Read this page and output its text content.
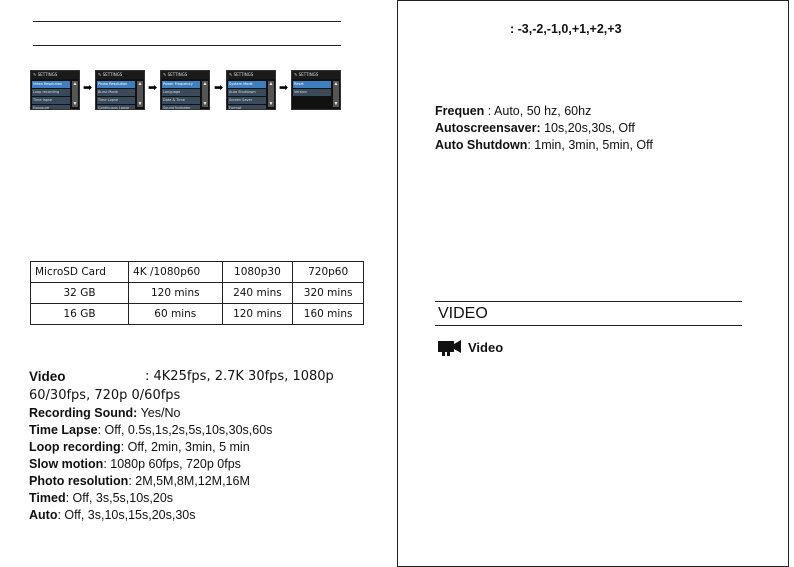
✎ SETTINGS
Video Resolution
Loop recording
Time lapse
Exposure
▲
▼
➡
✎ SETTINGS
Photo Resolution
Burst Mode
Time Lapse
Continuous Lapse
▲
▼
➡
✎ SETTINGS
Power Frequency
Language
Date & Time
Sound Indicator
▲
▼
➡
✎ SETTINGS
System Mode
Auto Shutdown
Screen Saver
Format
▲
▼
➡
✎ SETTINGS
Reset
Version
▲
▼
MicroSD Card	4K /1080p60	1080p30	720p60
32 GB	120 mins	240 mins	320 mins
16 GB	60 mins	120 mins	160 mins
Video	: 4K25fps, 2.7K 30fps, 1080p
60/30fps, 720p 0/60fps
Recording Sound: Yes/No
Time Lapse: Off, 0.5s,1s,2s,5s,10s,30s,60s
Loop recording: Off, 2min, 3min, 5 min
Slow motion: 1080p 60fps, 720p 0fps
Photo resolution: 2M,5M,8M,12M,16M
Timed: Off, 3s,5s,10s,20s
Auto: Off, 3s,10s,15s,20s,30s
: -3,-2,-1,0,+1,+2,+3
Frequen : Auto, 50 hz, 60hz
Autoscreensaver: 10s,20s,30s, Off
Auto Shutdown: 1min, 3min, 5min, Off
VIDEO
Video
